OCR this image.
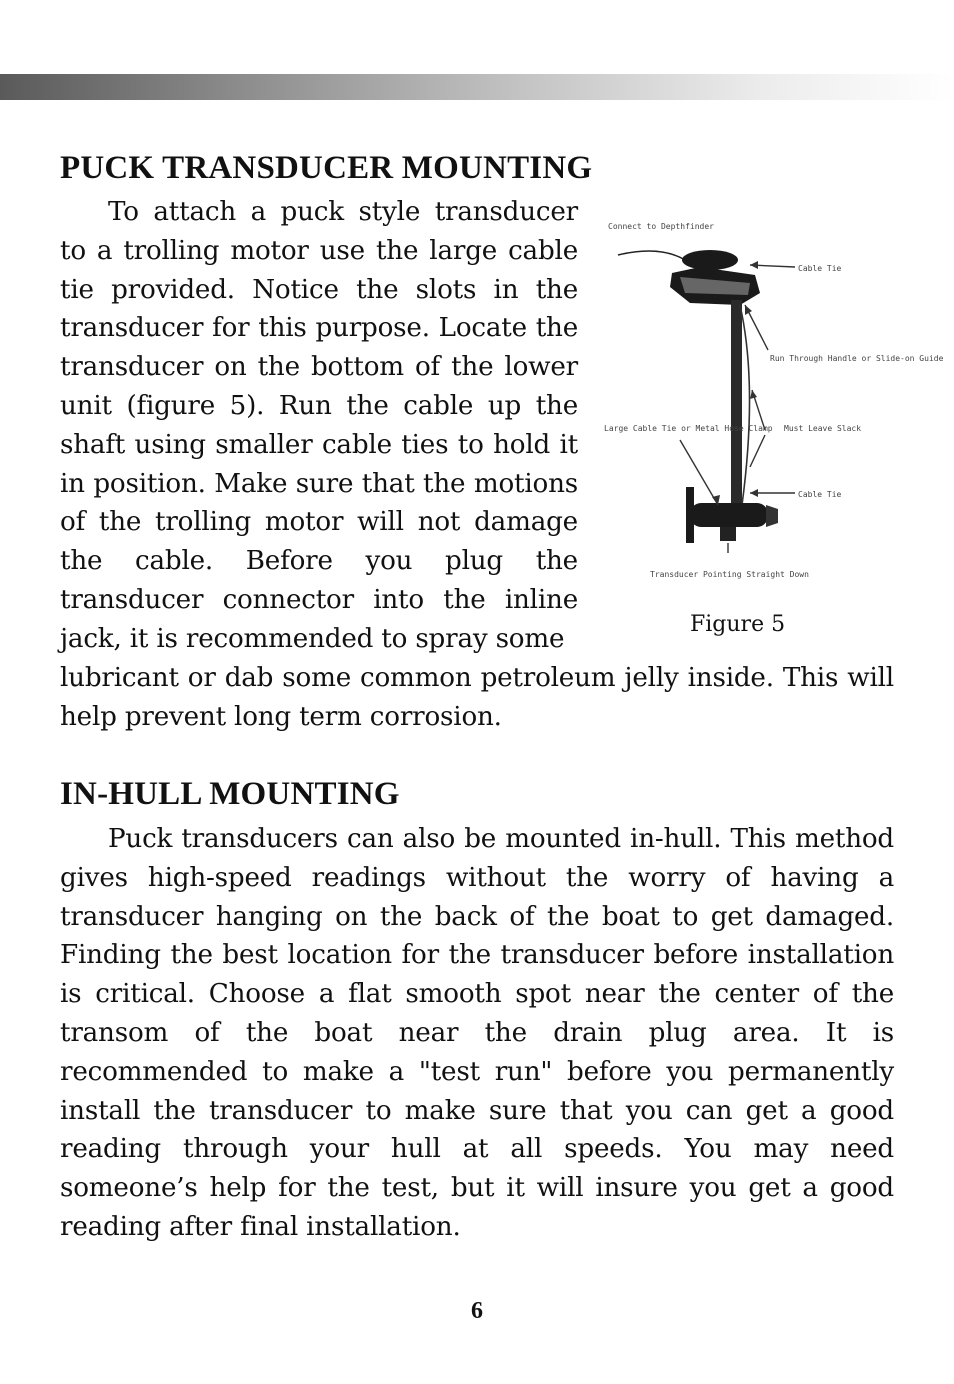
PUCK TRANSDUCER MOUNTING

To attach a puck style transducer to a trolling motor use the large cable tie provided. Notice the slots in the transducer for this purpose. Locate the transducer on the bottom of the lower unit (figure 5). Run the cable up the shaft using smaller cable ties to hold it in position. Make sure that the motions of the trolling motor will not damage the cable. Before you plug the transducer connector into the inline jack, it is recommended to spray some

Connect to Depthfinder
Cable Tie
Run Through Handle or Slide-on Guide
Large Cable Tie or Metal Hose Clamp Must Leave Slack
Cable Tie
Transducer Pointing Straight Down
Figure 5

lubricant or dab some common petroleum jelly inside. This will help prevent long term corrosion.

IN-HULL MOUNTING

Puck transducers can also be mounted in-hull. This method gives high-speed readings without the worry of having a transducer hanging on the back of the boat to get damaged. Finding the best location for the transducer before installation is critical. Choose a flat smooth spot near the center of the transom of the boat near the drain plug area. It is recommended to make a "test run" before you permanently install the transducer to make sure that you can get a good reading through your hull at all speeds. You may need someone’s help for the test, but it will insure you get a good reading after final installation.

6
